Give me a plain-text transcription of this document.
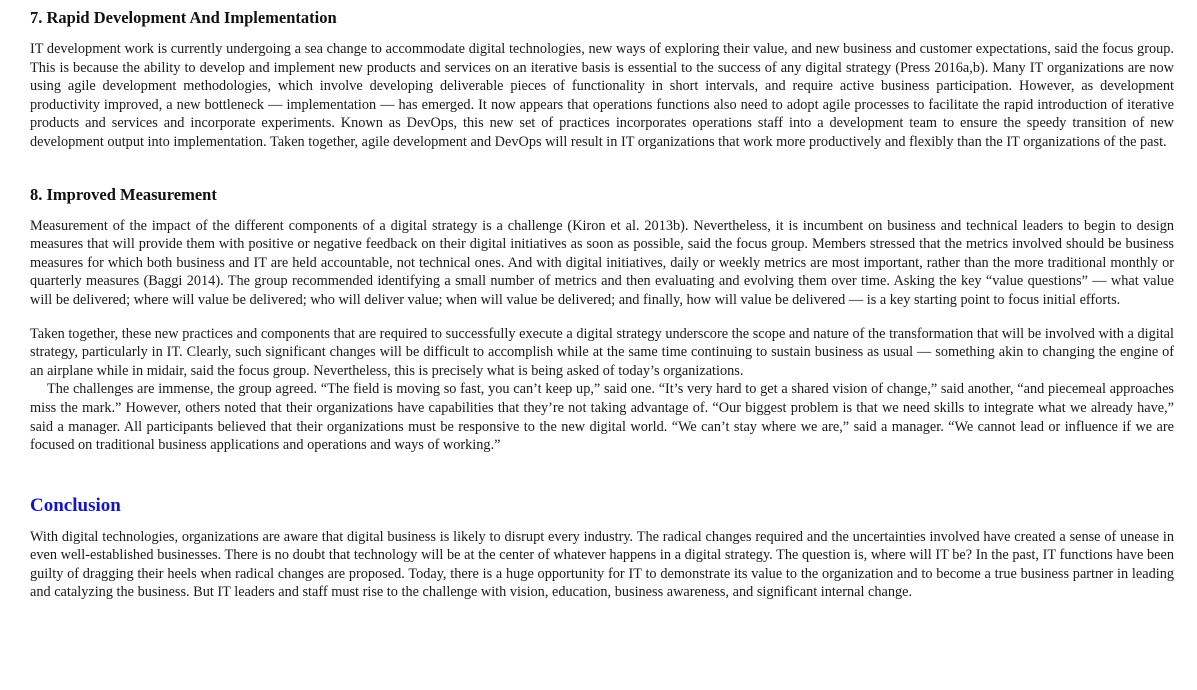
7. Rapid Development And Implementation

IT development work is currently undergoing a sea change to accommodate digital technologies, new ways of exploring their value, and new business and customer expectations, said the focus group. This is because the ability to develop and implement new products and services on an iterative basis is essential to the success of any digital strategy (Press 2016a,b). Many IT organizations are now using agile development methodologies, which involve developing deliverable pieces of functionality in short intervals, and require active business participation. However, as development productivity improved, a new bottleneck — implementation — has emerged. It now appears that operations functions also need to adopt agile processes to facilitate the rapid introduction of iterative products and services and incorporate experiments. Known as DevOps, this new set of practices incorporates operations staff into a development team to ensure the speedy transition of new development output into implementation. Taken together, agile development and DevOps will result in IT organizations that work more productively and flexibly than the IT organizations of the past.

8. Improved Measurement

Measurement of the impact of the different components of a digital strategy is a challenge (Kiron et al. 2013b). Nevertheless, it is incumbent on business and technical leaders to begin to design measures that will provide them with positive or negative feedback on their digital initiatives as soon as possible, said the focus group. Members stressed that the metrics involved should be business measures for which both business and IT are held accountable, not technical ones. And with digital initiatives, daily or weekly metrics are most important, rather than the more traditional monthly or quarterly measures (Baggi 2014). The group recommended identifying a small number of metrics and then evaluating and evolving them over time. Asking the key “value questions” — what value will be delivered; where will value be delivered; who will deliver value; when will value be delivered; and finally, how will value be delivered — is a key starting point to focus initial efforts.

Taken together, these new practices and components that are required to successfully execute a digital strategy underscore the scope and nature of the transformation that will be involved with a digital strategy, particularly in IT. Clearly, such significant changes will be difficult to accomplish while at the same time continuing to sustain business as usual — something akin to changing the engine of an airplane while in midair, said the focus group. Nevertheless, this is precisely what is being asked of today’s organizations.

The challenges are immense, the group agreed. “The field is moving so fast, you can’t keep up,” said one. “It’s very hard to get a shared vision of change,” said another, “and piecemeal approaches miss the mark.” However, others noted that their organizations have capabilities that they’re not taking advantage of. “Our biggest problem is that we need skills to integrate what we already have,” said a manager. All participants believed that their organizations must be responsive to the new digital world. “We can’t stay where we are,” said a manager. “We cannot lead or influence if we are focused on traditional business applications and operations and ways of working.”

Conclusion

With digital technologies, organizations are aware that digital business is likely to disrupt every industry. The radical changes required and the uncertainties involved have created a sense of unease in even well-established businesses. There is no doubt that technology will be at the center of whatever happens in a digital strategy. The question is, where will IT be? In the past, IT functions have been guilty of dragging their heels when radical changes are proposed. Today, there is a huge opportunity for IT to demonstrate its value to the organization and to become a true business partner in leading and catalyzing the business. But IT leaders and staff must rise to the challenge with vision, education, business awareness, and significant internal change.
